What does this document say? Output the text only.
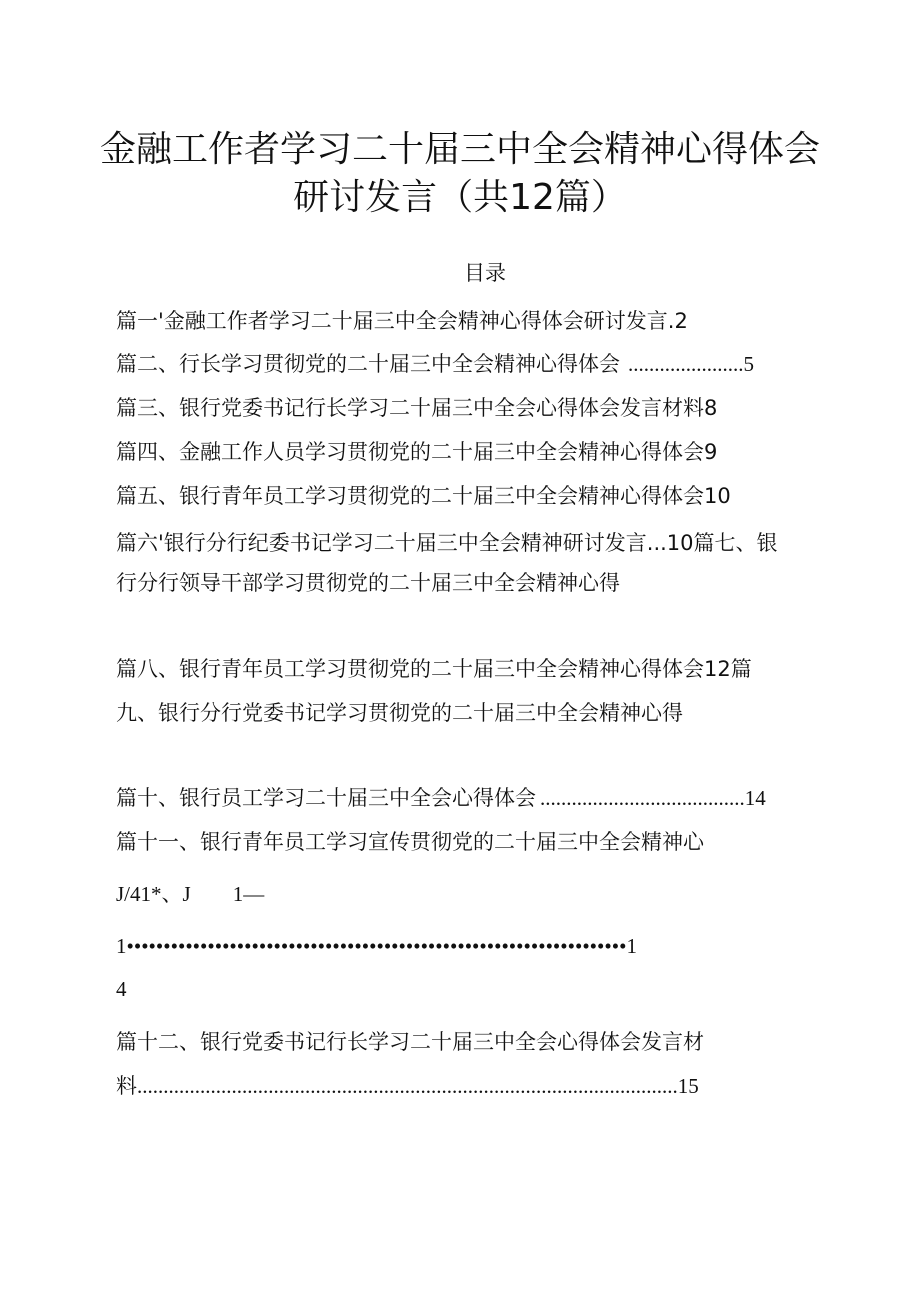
金融工作者学习二十届三中全会精神心得体会
研讨发言（共12篇）
目录
篇一'金融工作者学习二十届三中全会精神心得体会研讨发言.2
篇二、行长学习贯彻党的二十届三中全会精神心得体会 ......................5
篇三、银行党委书记行长学习二十届三中全会心得体会发言材料8
篇四、金融工作人员学习贯彻党的二十届三中全会精神心得体会9
篇五、银行青年员工学习贯彻党的二十届三中全会精神心得体会10
篇六'银行分行纪委书记学习二十届三中全会精神研讨发言...10篇七、银
行分行领导干部学习贯彻党的二十届三中全会精神心得
篇八、银行青年员工学习贯彻党的二十届三中全会精神心得体会12篇
九、银行分行党委书记学习贯彻党的二十届三中全会精神心得
篇十、银行员工学习二十届三中全会心得体会 .......................................14
篇十一、银行青年员工学习宣传贯彻党的二十届三中全会精神心
J/41*、J 1—
1••••••••••••••••••••••••••••••••••••••••••••••••••••••••••••••••••••1
4
篇十二、银行党委书记行长学习二十届三中全会心得体会发言材
料.......................................................................................................15
